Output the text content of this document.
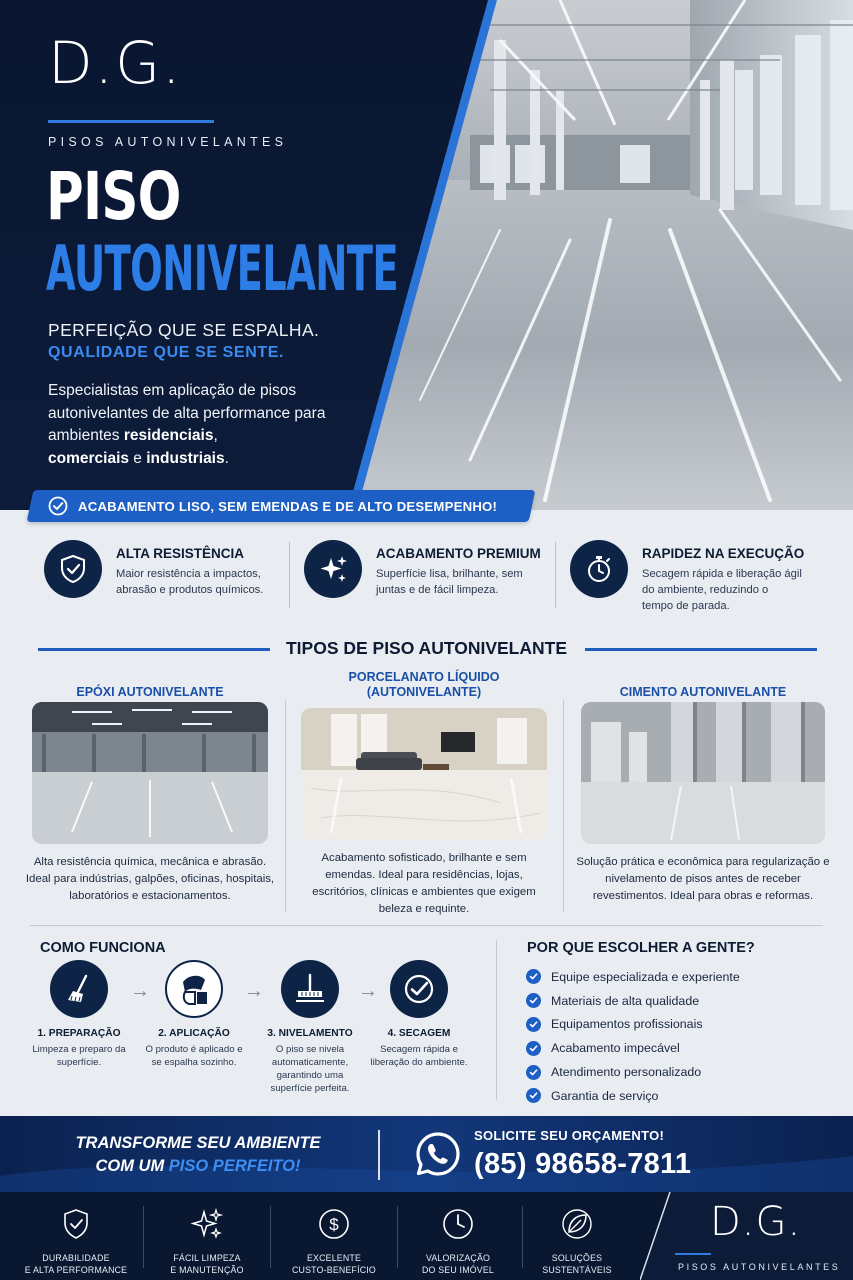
D.G.
PISOS AUTONIVELANTES
PISO
AUTONIVELANTE
PERFEIÇÃO QUE SE ESPALHA.
QUALIDADE QUE SE SENTE.

Especialistas em aplicação de pisos autonivelantes de alta performance para ambientes residenciais,
comerciais e industriais.

ACABAMENTO LISO, SEM EMENDAS E DE ALTO DESEMPENHO!
ALTA RESISTÊNCIA

Maior resistência a impactos, abrasão e produtos químicos.

ACABAMENTO PREMIUM

Superfície lisa, brilhante, sem juntas e de fácil limpeza.

RAPIDEZ NA EXECUÇÃO

Secagem rápida e liberação ágil do ambiente, reduzindo o tempo de parada.

TIPOS DE PISO AUTONIVELANTE
EPÓXI AUTONIVELANTE

Alta resistência química, mecânica e abrasão. Ideal para indústrias, galpões, oficinas, hospitais, laboratórios e estacionamentos.

PORCELANATO LÍQUIDO (AUTONIVELANTE)

Acabamento sofisticado, brilhante e sem emendas. Ideal para residências, lojas, escritórios, clínicas e ambientes que exigem beleza e requinte.

CIMENTO AUTONIVELANTE

Solução prática e econômica para regularização e nivelamento de pisos antes de receber revestimentos. Ideal para obras e reformas.

COMO FUNCIONA
1. PREPARAÇÃO

Limpeza e preparo da superfície.

→
2. APLICAÇÃO

O produto é aplicado e se espalha sozinho.

→
3. NIVELAMENTO

O piso se nivela automaticamente, garantindo uma superfície perfeita.

→
4. SECAGEM

Secagem rápida e liberação do ambiente.

POR QUE ESCOLHER A GENTE?
Equipe especializada e experiente
Materiais de alta qualidade
Equipamentos profissionais
Acabamento impecável
Atendimento personalizado
Garantia de serviço
TRANSFORME SEU AMBIENTE
COM UM PISO PERFEITO!
SOLICITE SEU ORÇAMENTO!
(85) 98658-7811

DURABILIDADE
E ALTA PERFORMANCE

FÁCIL LIMPEZA
E MANUTENÇÃO

$

EXCELENTE
CUSTO-BENEFÍCIO

VALORIZAÇÃO
DO SEU IMÓVEL

SOLUÇÕES
SUSTENTÁVEIS

D.G.
PISOS AUTONIVELANTES
